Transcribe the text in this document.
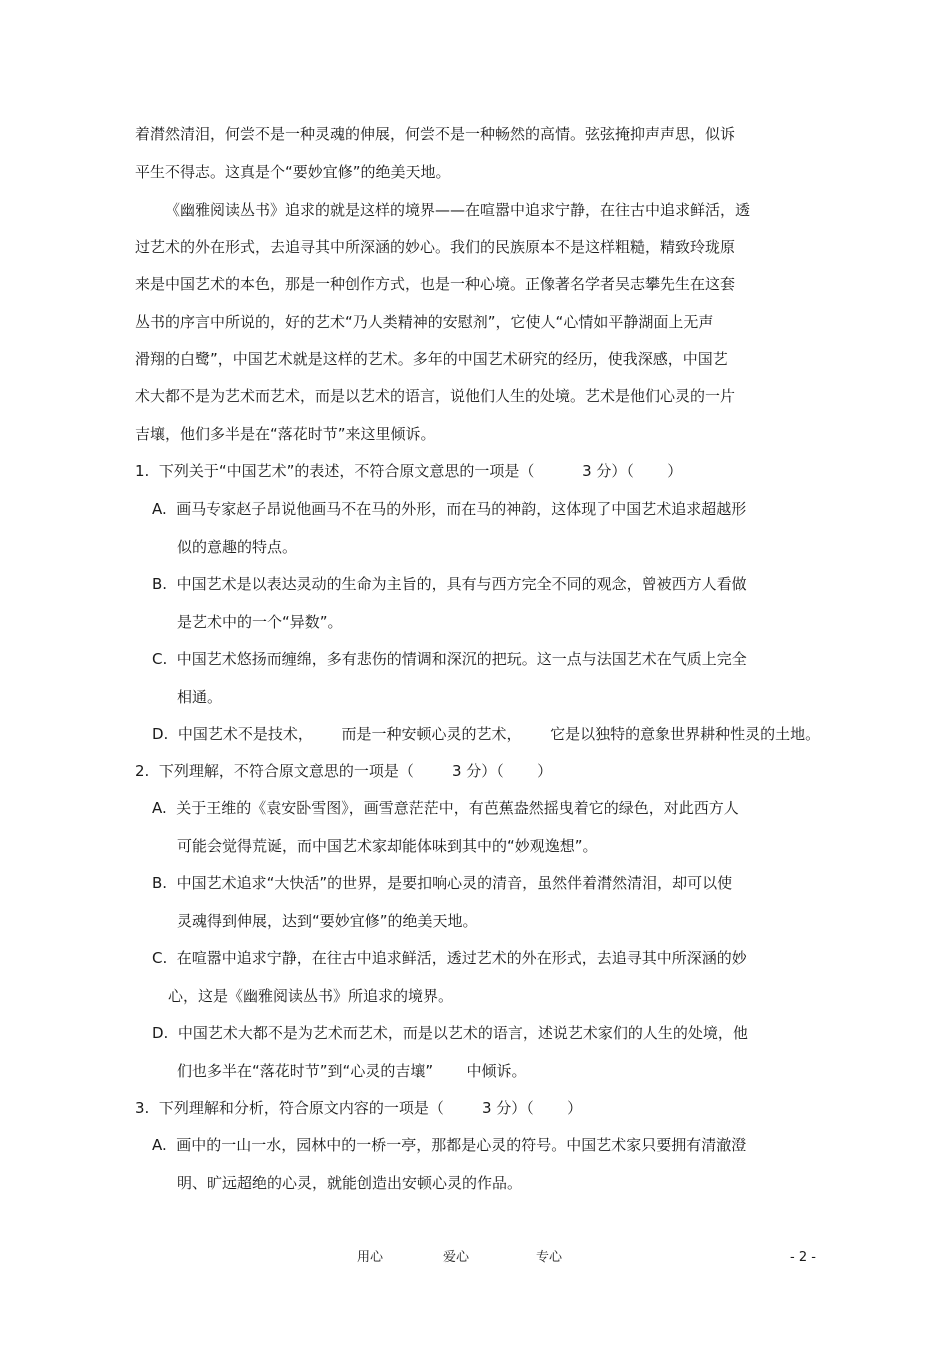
着潸然清泪，何尝不是一种灵魂的伸展，何尝不是一种畅然的高情。弦弦掩抑声声思，似诉
平生不得志。这真是个“要妙宜修”的绝美天地。
《幽雅阅读丛书》追求的就是这样的境界——在喧嚣中追求宁静，在往古中追求鲜活，透
过艺术的外在形式，去追寻其中所深涵的妙心。我们的民族原本不是这样粗糙，精致玲珑原
来是中国艺术的本色，那是一种创作方式，也是一种心境。正像著名学者吴志攀先生在这套
丛书的序言中所说的，好的艺术“乃人类精神的安慰剂”，它使人“心情如平静湖面上无声
滑翔的白鹭”，中国艺术就是这样的艺术。多年的中国艺术研究的经历，使我深感，中国艺
术大都不是为艺术而艺术，而是以艺术的语言，说他们人生的处境。艺术是他们心灵的一片
吉壤，他们多半是在“落花时节”来这里倾诉。
1.  下列关于“中国艺术”的表述，不符合原文意思的一项是（          3 分）（       ）
A.  画马专家赵子昂说他画马不在马的外形，而在马的神韵，这体现了中国艺术追求超越形
似的意趣的特点。
B.  中国艺术是以表达灵动的生命为主旨的，具有与西方完全不同的观念，曾被西方人看做
是艺术中的一个“异数”。
C.  中国艺术悠扬而缠绵，多有悲伤的情调和深沉的把玩。这一点与法国艺术在气质上完全
相通。
D.  中国艺术不是技术，      而是一种安顿心灵的艺术，      它是以独特的意象世界耕种性灵的土地。
2.  下列理解，不符合原文意思的一项是（        3 分）（       ）
A.  关于王维的《袁安卧雪图》，画雪意茫茫中，有芭蕉盎然摇曳着它的绿色，对此西方人
可能会觉得荒诞，而中国艺术家却能体味到其中的“妙观逸想”。
B.  中国艺术追求“大快活”的世界，是要扣响心灵的清音，虽然伴着潸然清泪，却可以使
灵魂得到伸展，达到“要妙宜修”的绝美天地。
C.  在喧嚣中追求宁静，在往古中追求鲜活，透过艺术的外在形式，去追寻其中所深涵的妙
心，这是《幽雅阅读丛书》所追求的境界。
D.  中国艺术大都不是为艺术而艺术，而是以艺术的语言，述说艺术家们的人生的处境，他
们也多半在“落花时节”到“心灵的吉壤”       中倾诉。
3.  下列理解和分析，符合原文内容的一项是（        3 分）（       ）
A.  画中的一山一水，园林中的一桥一亭，那都是心灵的符号。中国艺术家只要拥有清澈澄
明、旷远超绝的心灵，就能创造出安顿心灵的作品。
用心	爱心	专心	- 2 -
